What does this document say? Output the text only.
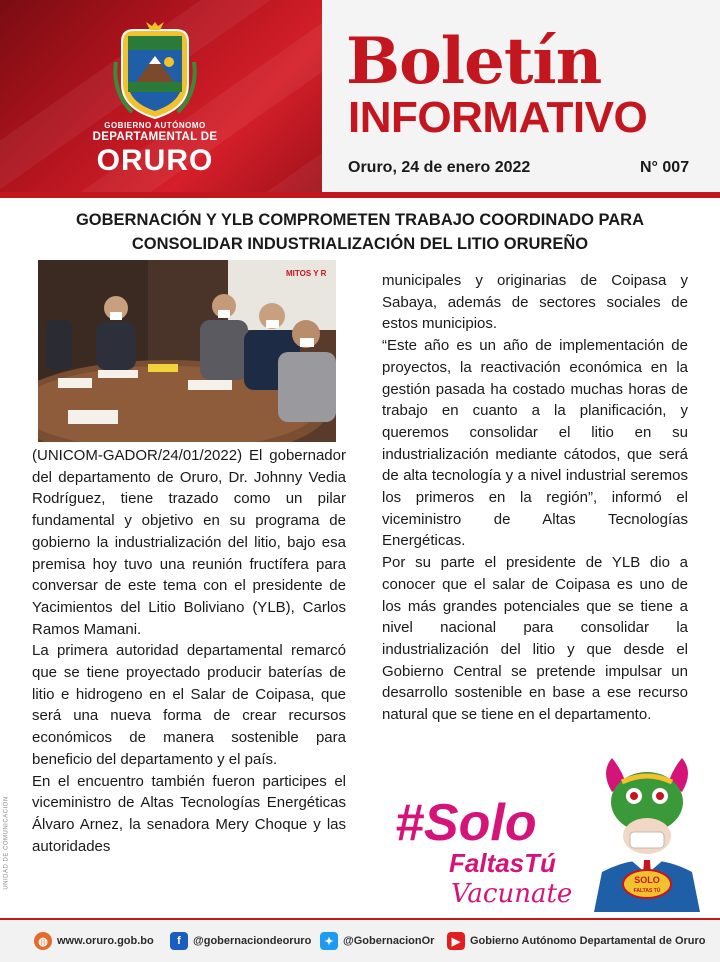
GOBIERNO AUTÓNOMO
DEPARTAMENTAL DE
ORURO
Boletín
INFORMATIVO
Oruro, 24 de enero 2022	N° 007
GOBERNACIÓN Y YLB COMPROMETEN TRABAJO COORDINADO PARA
CONSOLIDAR INDUSTRIALIZACIÓN DEL LITIO ORUREÑO
MITOS Y R

(UNICOM-GADOR/24/01/2022) El gobernador del departamento de Oruro, Dr. Johnny Vedia Rodríguez, tiene trazado como un pilar fundamental y objetivo en su programa de gobierno la industrialización del litio, bajo esa premisa hoy tuvo una reunión fructífera para conversar de este tema con el presidente de Yacimientos del Litio Boliviano (YLB), Carlos Ramos Mamani.

La primera autoridad departamental remarcó que se tiene proyectado producir baterías de litio e hidrogeno en el Salar de Coipasa, que será una nueva forma de crear recursos económicos de manera sostenible para beneficio del departamento y el país.

En el encuentro también fueron participes el viceministro de Altas Tecnologías Energéticas Álvaro Arnez, la senadora Mery Choque y las autoridades

municipales y originarias de Coipasa y Sabaya, además de sectores sociales de estos municipios.

“Este año es un año de implementación de proyectos, la reactivación económica en la gestión pasada ha costado muchas horas de trabajo en cuanto a la planificación, y queremos consolidar el litio en su industrialización mediante cátodos, que será de alta tecnología y a nivel industrial seremos los primeros en la región”, informó el viceministro de Altas Tecnologías Energéticas.

Por su parte el presidente de YLB dio a conocer que el salar de Coipasa es uno de los más grandes potenciales que se tiene a nivel nacional para consolidar la industrialización del litio y que desde el Gobierno Central se pretende impulsar un desarrollo sostenible en base a ese recurso natural que se tiene en el departamento.

#Solo
FaltasTú
Vacunate	SOLO
FALTAS TÚ
UNIDAD DE COMUNICACIÓN
◍ www.oruro.gob.bo	f	@gobernaciondeoruro	✦ @GobernacionOr	▶ Gobierno Autónomo Departamental de Oruro
